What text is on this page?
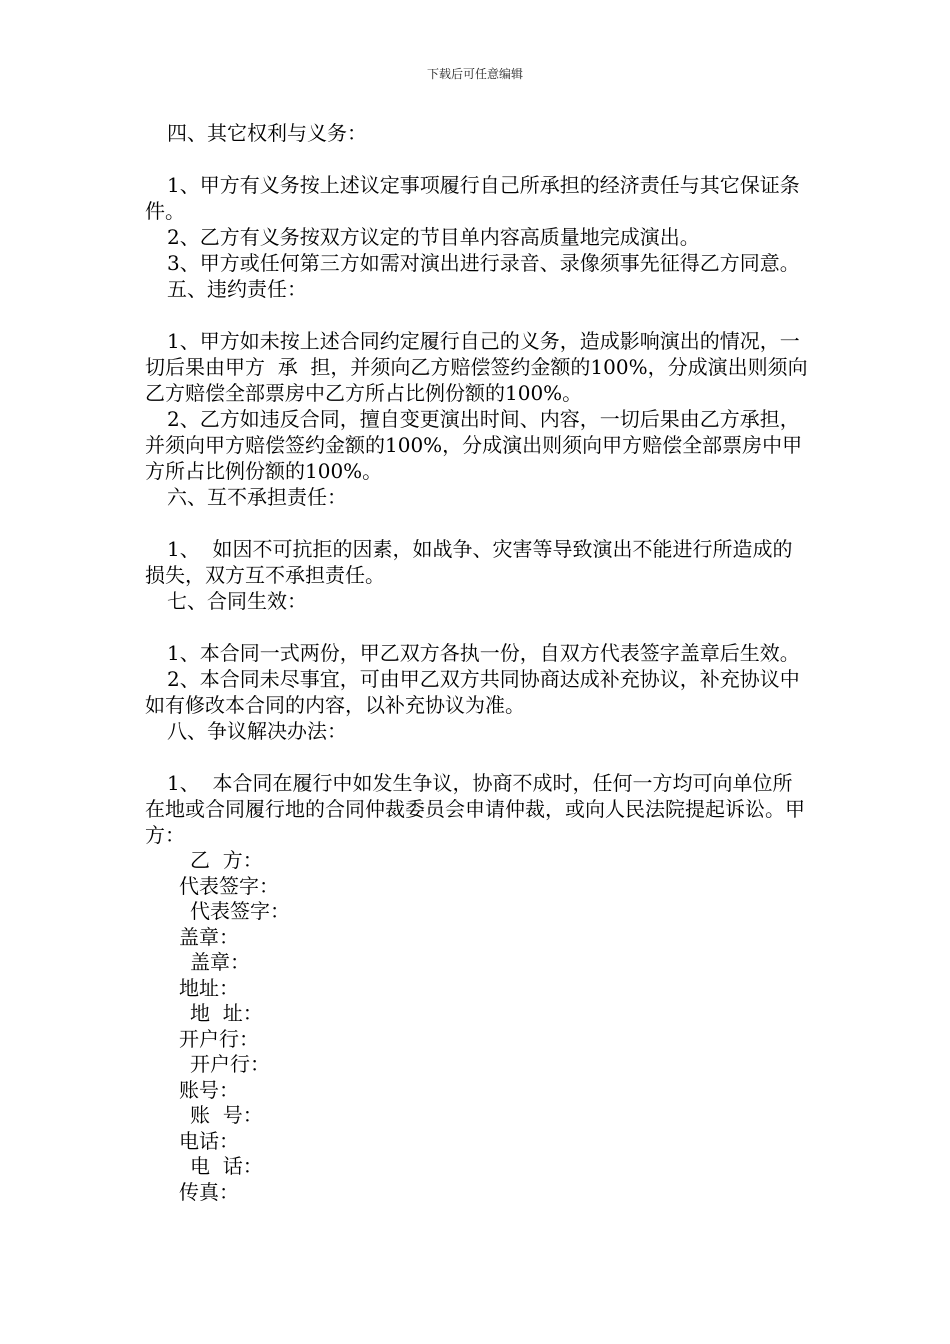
下载后可任意编辑

四、其它权利与义务：

1、甲方有义务按上述议定事项履行自己所承担的经济责任与其它保证条件。

2、乙方有义务按双方议定的节目单内容高质量地完成演出。

3、甲方或任何第三方如需对演出进行录音、录像须事先征得乙方同意。

五、违约责任：

1、甲方如未按上述合同约定履行自己的义务，造成影响演出的情况，一切后果由甲方  承  担，并须向乙方赔偿签约金额的100%，分成演出则须向乙方赔偿全部票房中乙方所占比例份额的100%。

2、乙方如违反合同，擅自变更演出时间、内容，一切后果由乙方承担，并须向甲方赔偿签约金额的100%，分成演出则须向甲方赔偿全部票房中甲方所占比例份额的100%。

六、互不承担责任：

1、  如因不可抗拒的因素，如战争、灾害等导致演出不能进行所造成的损失，双方互不承担责任。

七、合同生效：

1、本合同一式两份，甲乙双方各执一份，自双方代表签字盖章后生效。

2、本合同未尽事宜，可由甲乙双方共同协商达成补充协议，补充协议中如有修改本合同的内容，以补充协议为准。

八、争议解决办法：

1、  本合同在履行中如发生争议，协商不成时，任何一方均可向单位所在地或合同履行地的合同仲裁委员会申请仲裁，或向人民法院提起诉讼。甲  方：

乙  方：

代表签字：

代表签字：

盖章：

盖章：

地址：

地  址：

开户行：

开户行：

账号：

账  号：

电话：

电  话：

传真：
